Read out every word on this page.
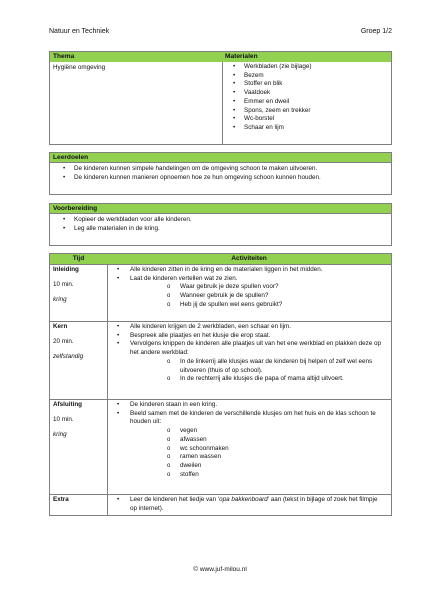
Natuur en Techniek	Groep 1/2
Thema
Hygiëne omgeving
Materialen
• Werkbladen (zie bijlage)
• Bezem
• Stoffer en blik
• Vaatdoek
• Emmer en dweil
• Spons, zeem en trekker
• Wc-borstel
• Schaar en lijm
Leerdoelen
• De kinderen kunnen simpele handelingen om de omgeving schoon te maken uitvoeren.
• De kinderen kunnen manieren opnoemen hoe ze hun omgeving schoon kunnen houden.
Voorbereiding
• Kopieer de werkbladen voor alle kinderen.
• Leg alle materialen in de kring.
Tijd	Activiteiten
Inleiding
10 min.
kring
• Alle kinderen zitten in de kring en de materialen liggen in het midden.
• Laat de kinderen vertellen wat ze zien.
o Waar gebruik je deze spullen voor?
o Wanneer gebruik je de spullen?
o Heb jij de spullen wel eens gebruikt?
Kern
20 min.
zelfstandig
• Alle kinderen krijgen de 2 werkbladen, een schaar en lijm.
• Bespreek alle plaatjes en het klusje die erop staat.
• Vervolgens knippen de kinderen alle plaatjes uit van het ene werkblad en plakken deze op het andere werkblad:
o In de linkerrij alle klusjes waar de kinderen bij helpen of zelf wel eens uitvoeren (thuis of op school).
o In de rechterrij alle klusjes die papa of mama altijd uitvoert.
Afsluiting
10 min.
kring
• De kinderen staan in een kring.
• Beeld samen met de kinderen de verschillende klusjes om het huis en de klas schoon te houden uit:
o vegen
o afwassen
o wc schoonmaken
o ramen wassen
o dweilen
o stoffen
Extra
•	Leer de kinderen het liedje van 'opa bakkenboard' aan (tekst in bijlage of zoek het filmpje op internet).
© www.juf-milou.nl
